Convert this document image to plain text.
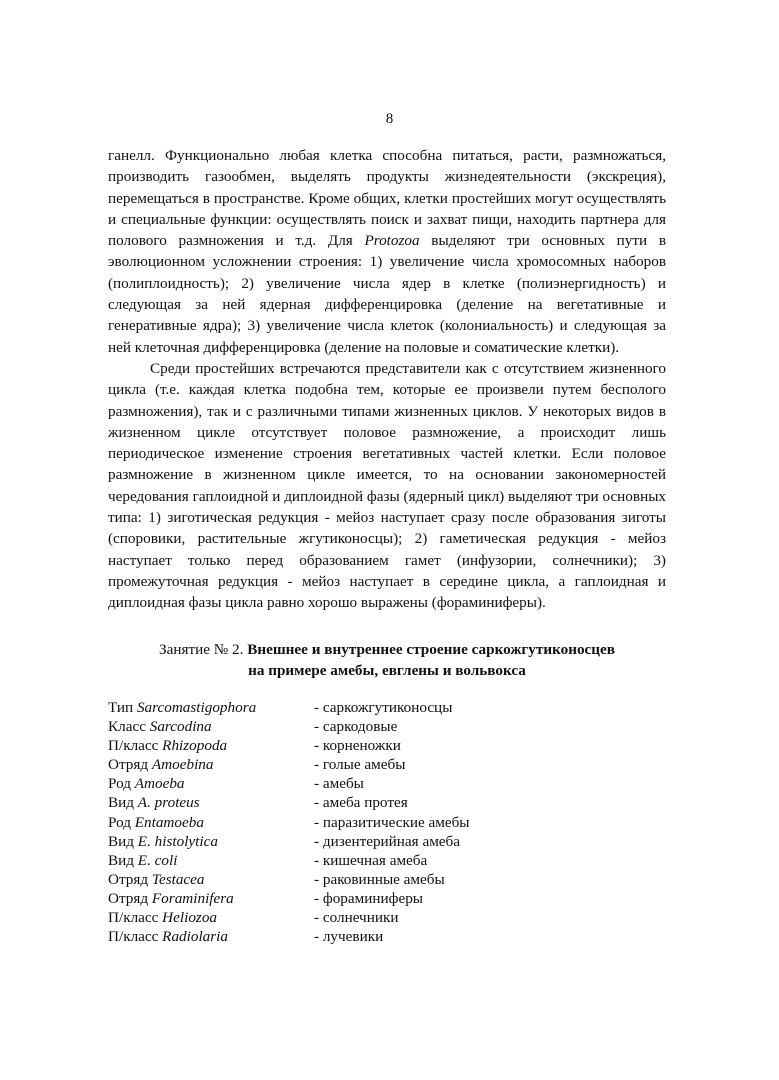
8

ганелл. Функционально любая клетка способна питаться, расти, размножаться, производить газообмен, выделять продукты жизнедеятельности (экскреция), перемещаться в пространстве. Кроме общих, клетки простейших могут осуществлять и специальные функции: осуществлять поиск и захват пищи, находить партнера для полового размножения и т.д. Для Protozoa выделяют три основных пути в эволюционном усложнении строения: 1) увеличение числа хромосомных наборов (полиплоидность); 2) увеличение числа ядер в клетке (полиэнергидность) и следующая за ней ядерная дифференцировка (деление на вегетативные и генеративные ядра); 3) увеличение числа клеток (колониальность) и следующая за ней клеточная дифференцировка (деление на половые и соматические клетки).

Среди простейших встречаются представители как с отсутствием жизненного цикла (т.е. каждая клетка подобна тем, которые ее произвели путем бесполого размножения), так и с различными типами жизненных циклов. У некоторых видов в жизненном цикле отсутствует половое размножение, а происходит лишь периодическое изменение строения вегетативных частей клетки. Если половое размножение в жизненном цикле имеется, то на основании закономерностей чередования гаплоидной и диплоидной фазы (ядерный цикл) выделяют три основных типа: 1) зиготическая редукция - мейоз наступает сразу после образования зиготы (споровики, растительные жгутиконосцы); 2) гаметическая редукция - мейоз наступает только перед образованием гамет (инфузории, солнечники); 3) промежуточная редукция - мейоз наступает в середине цикла, а гаплоидная и диплоидная фазы цикла равно хорошо выражены (фораминиферы).

Занятие № 2. Внешнее и внутреннее строение саркожгутиконосцев
на примере амебы, евглены и вольвокса
Тип Sarcomastigophora	- саркожгутиконосцы
Класс Sarcodina	- саркодовые
П/класс Rhizopoda	- корненожки
Отряд Amoebina	- голые амебы
Род Amoeba	- амебы
Вид A. proteus	- амеба протея
Род Entamoeba	- паразитические амебы
Вид E. histolytica	- дизентерийная амеба
Вид E. coli	- кишечная амеба
Отряд Testacea	- раковинные амебы
Отряд Foraminifera	- фораминиферы
П/класс Heliozoa	- солнечники
П/класс Radiolaria	- лучевики
